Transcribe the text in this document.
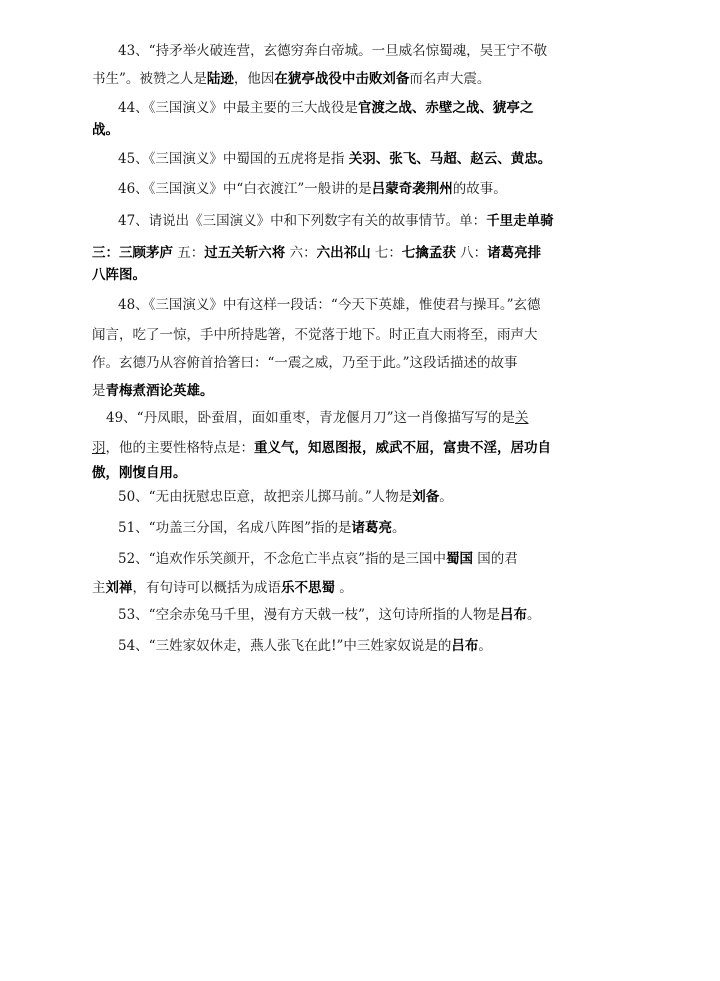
43、“持矛举火破连营，玄德穷奔白帝城。一旦威名惊蜀魂，吴王宁不敬
书生”。被赞之人是陆逊，他因在猇亭战役中击败刘备而名声大震。
44、《三国演义》中最主要的三大战役是官渡之战、赤壁之战、猇亭之
战。
45、《三国演义》中蜀国的五虎将是指 关羽、张飞、马超、赵云、黄忠。
46、《三国演义》中“白衣渡江”一般讲的是吕蒙奇袭荆州的故事。
47、请说出《三国演义》中和下列数字有关的故事情节。单：千里走单骑
三：三顾茅庐 五：过五关斩六将 六：六出祁山 七：七擒孟获 八：诸葛亮排
八阵图。
48、《三国演义》中有这样一段话：“今天下英雄，惟使君与操耳。”玄德
闻言，吃了一惊，手中所持匙箸，不觉落于地下。时正直大雨将至，雨声大
作。玄德乃从容俯首拾箸曰：“一震之威，乃至于此。”这段话描述的故事
是青梅煮酒论英雄。
49、“丹凤眼，卧蚕眉，面如重枣，青龙偃月刀”这一肖像描写写的是关
羽，他的主要性格特点是：重义气，知恩图报，威武不屈，富贵不淫，居功自
傲，刚愎自用。
50、“无由抚慰忠臣意，故把亲儿掷马前。”人物是刘备。
51、“功盖三分国，名成八阵图”指的是诸葛亮。
52、“追欢作乐笑颜开，不念危亡半点哀”指的是三国中蜀国 国的君
主刘禅，有句诗可以概括为成语乐不思蜀 。
53、“空余赤兔马千里，漫有方天戟一枝”，这句诗所指的人物是吕布。
54、“三姓家奴休走，燕人张飞在此!”中三姓家奴说是的吕布。
